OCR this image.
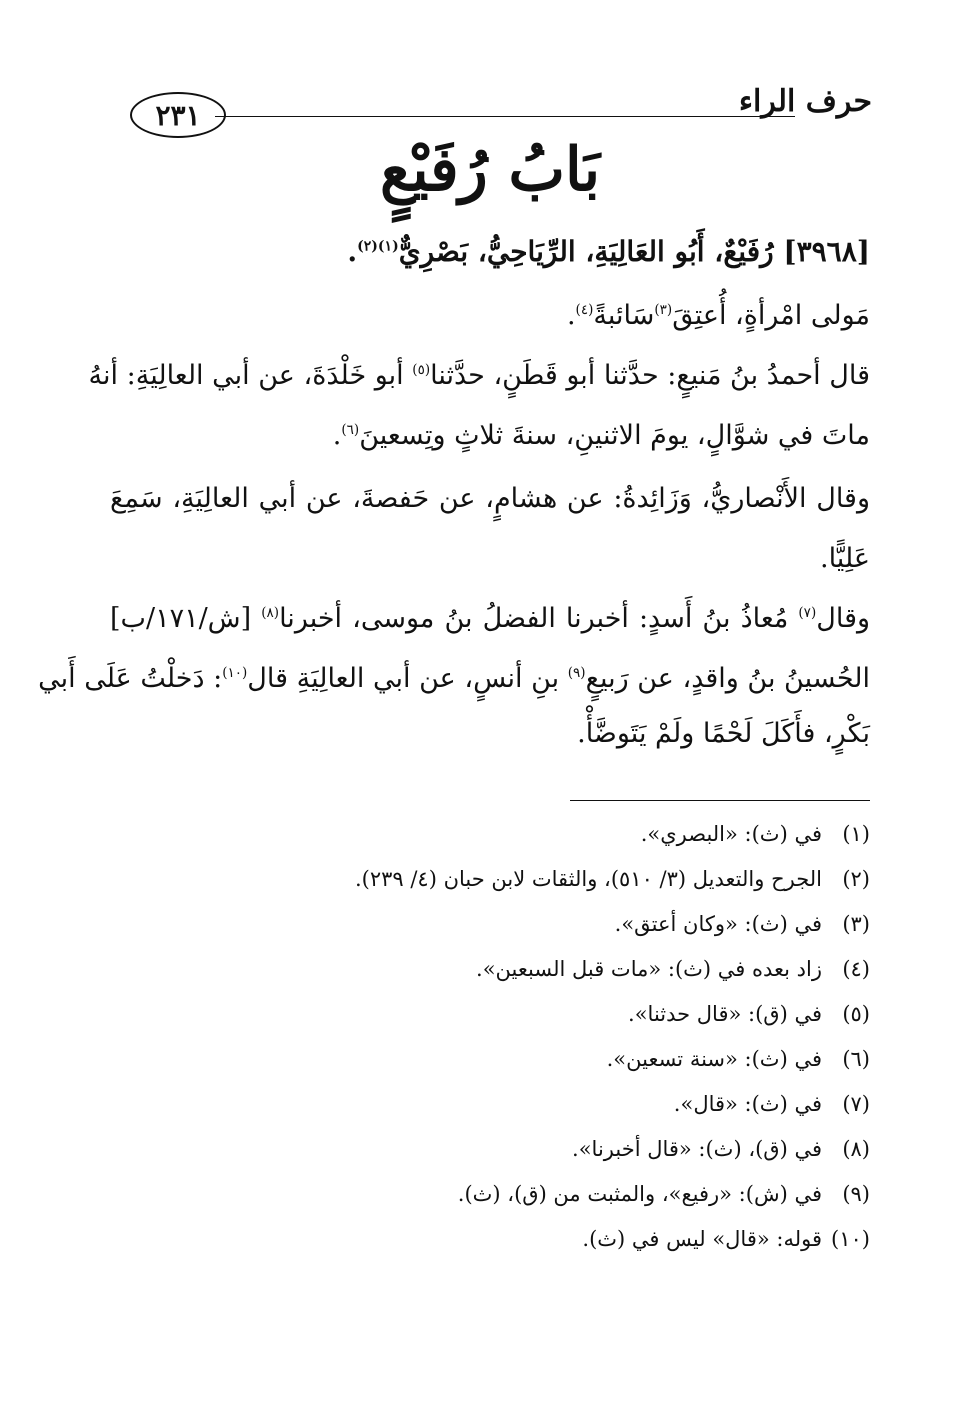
حرف الراء
٢٣١
بَابُ رُفَيْعٍ
[٣٩٦٨] رُفَيْعٌ، أَبُو العَالِيَةِ، الرِّيَاحِيُّ، بَصْرِيٌّ$^{(١)(٢)}$.
مَولى امْرأةٍ، أُعتِقَ$^{(٣)}$سَائبةً$^{(٤)}$.
قال أحمدُ بنُ مَنيعٍ: حدَّثنا أبو قَطَنٍ، حدَّثنا$^{(٥)}$ أبو خَلْدَةَ، عن أبي العالِيَةِ: أنهُ
ماتَ في شوَّالٍ، يومَ الاثنينِ، سنةَ ثلاثٍ وتِسعينَ$^{(٦)}$.
وقال الأَنْصاريُّ، وَزَائِدةُ: عن هشامٍ، عن حَفصةَ، عن أبي العالِيَةِ، سَمِعَ
عَلِيًّا.
وقال$^{(٧)}$ مُعاذُ بنُ أَسدٍ: أخبرنا الفضلُ بنُ موسى، أخبرنا$^{(٨)}$ [ش/١٧١/ب]
الحُسينُ بنُ واقدٍ، عن رَبيعٍ$^{(٩)}$ بنِ أنسٍ، عن أبي العالِيَةِ قال$^{(١٠)}$: دَخلْتُ عَلَى أَبي
بَكْرٍ، فأَكَلَ لَحْمًا ولَمْ يَتَوضَّأْ.
(١)في (ث): «البصري».
(٢)الجرح والتعديل (٣/ ٥١٠)، والثقات لابن حبان (٤/ ٢٣٩).
(٣)في (ث): «وكان أعتق».
(٤)زاد بعده في (ث): «مات قبل السبعين».
(٥)في (ق): «قال حدثنا».
(٦)في (ث): «سنة تسعين».
(٧)في (ث): «قال».
(٨)في (ق)، (ث): «قال أخبرنا».
(٩)في (ش): «رفيع»، والمثبت من (ق)، (ث).
(١٠)قوله: «قال» ليس في (ث).
